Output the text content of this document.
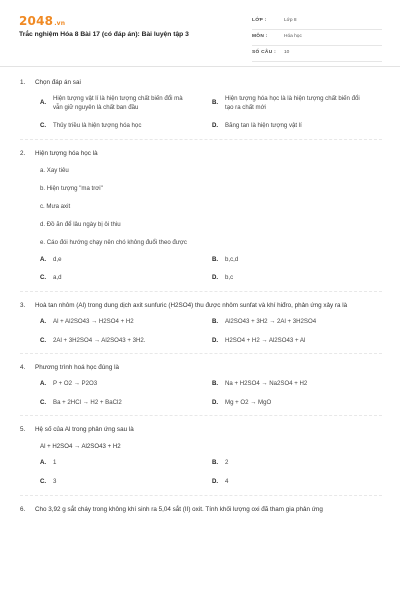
2048.vn
Trắc nghiệm Hóa 8 Bài 17 (có đáp án): Bài luyện tập 3
LỚP :	Lớp 8
MÔN :	Hóa học
SỐ CÂU : 10
1.	Chọn đáp án sai
A.
Hiện tượng vật lí là hiện tượng chất biến đổi mà vẫn giữ nguyên là chất ban đầu
B.
Hiện tượng hóa học là là hiện tượng chất biến đổi tạo ra chất mới
C.	Thủy triều là hiện tượng hóa học	D.	Băng tan là hiện tượng vật lí
2.	Hiện tượng hóa học là
a. Xay tiêu
b. Hiện tượng "ma trơi"
c. Mưa axit
d. Đồ ăn để lâu ngày bị ôi thiu
e. Cáo đói hướng chạy nên chó không đuổi theo được
A.	d,e	B.	b,c,d
C.	a,d	D.	b,c
3.	Hoà tan nhôm (Al) trong dung dịch axit sunfuric (H2SO4) thu được nhôm sunfat và khí hiđro, phản ứng xảy ra là
A.	Al + Al2SO43 → H2SO4 + H2	B.	Al2SO43 + 3H2 → 2Al + 3H2SO4
C.	2Al + 3H2SO4 → Al2SO43 + 3H2.	D.	H2SO4 + H2 → Al2SO43 + Al
4.	Phương trình hoá học đúng là
A.	P + O2 → P2O3	B.	Na + H2SO4 → Na2SO4 + H2
C.	Ba + 2HCl → H2 + BaCl2	D.	Mg + O2 → MgO
5.	Hệ số của Al trong phản ứng sau là
Al + H2SO4 → Al2SO43 + H2
A.	1	B.	2
C.	3	D.	4
6.	Cho 3,92 g sắt cháy trong không khí sinh ra 5,04 sắt (II) oxit. Tính khối lượng oxi đã tham gia phản ứng
